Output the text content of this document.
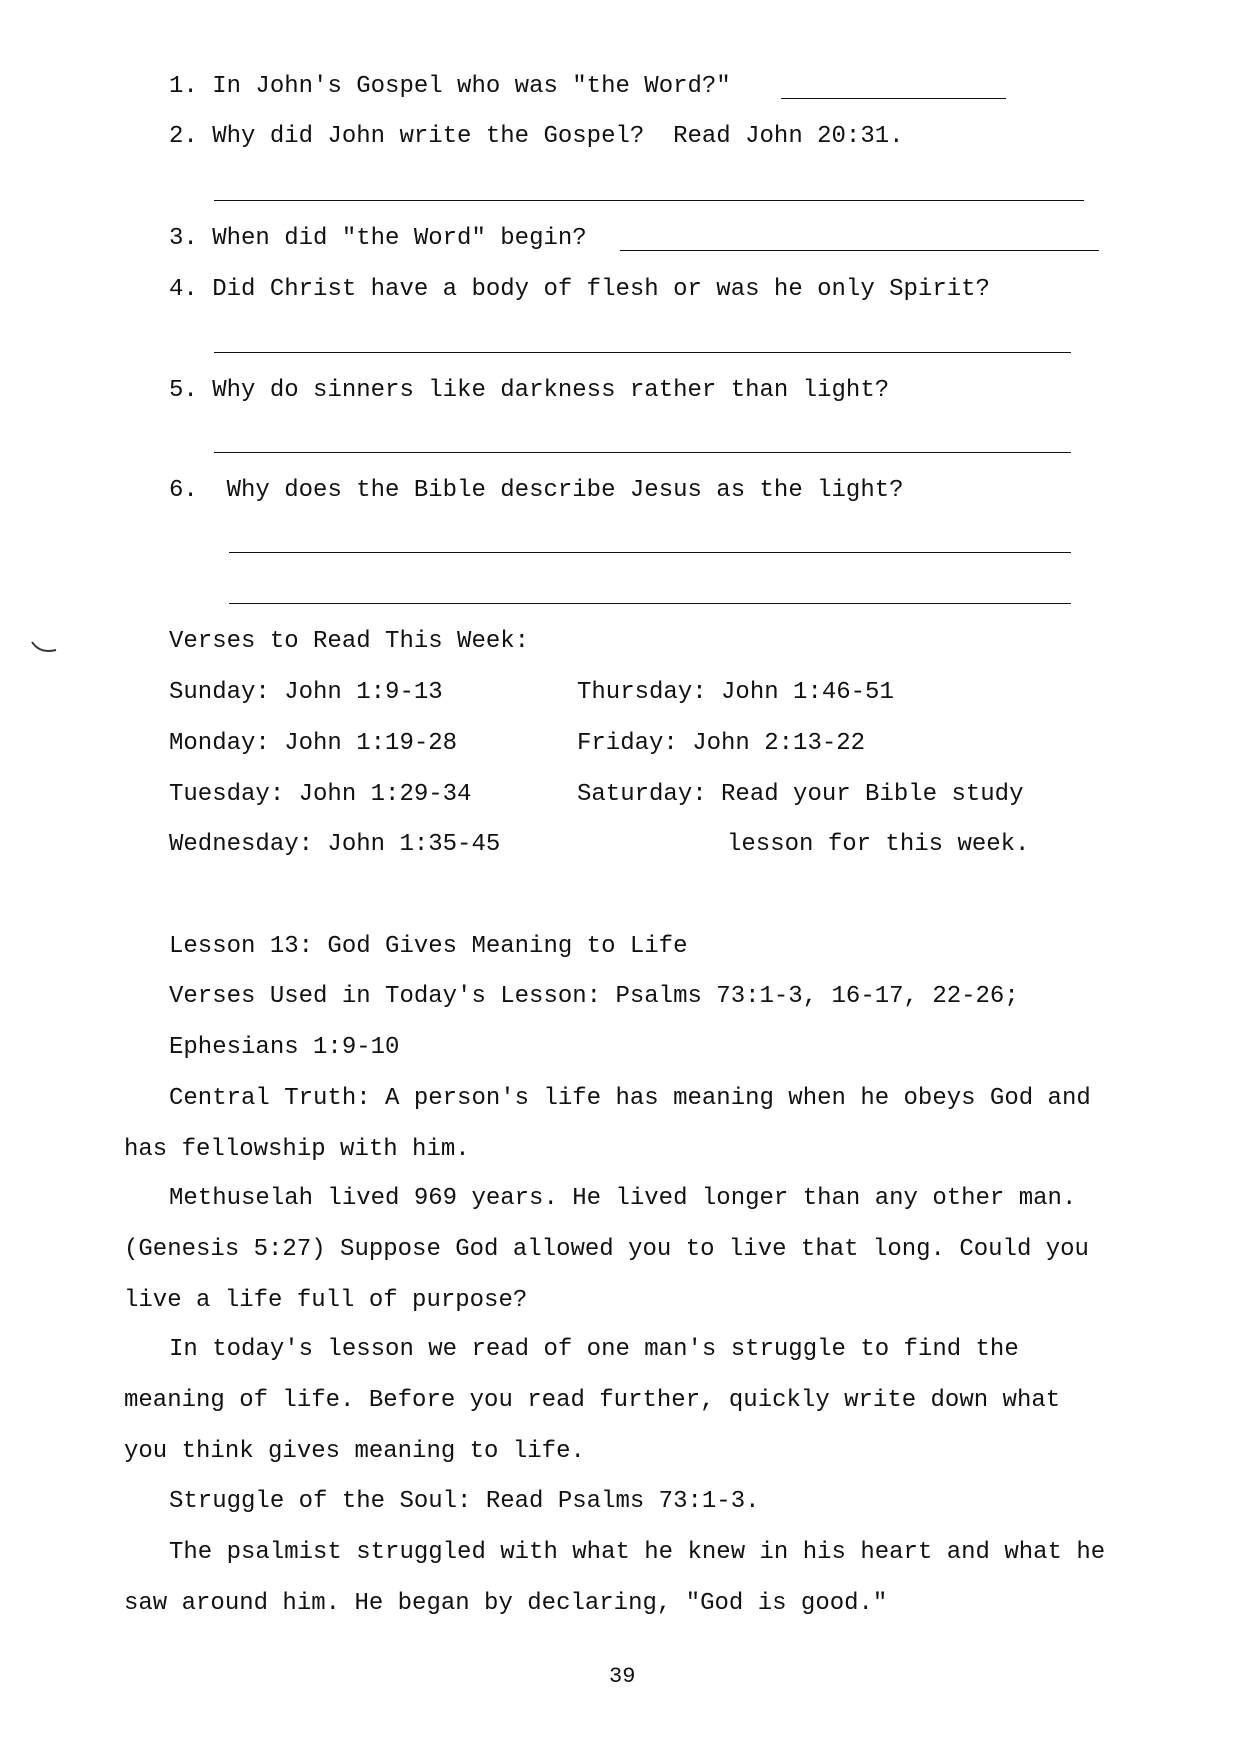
1. In John's Gospel who was "the Word?"
2. Why did John write the Gospel?  Read John 20:31.
3. When did "the Word" begin?
4. Did Christ have a body of flesh or was he only Spirit?
5. Why do sinners like darkness rather than light?
6. Why does the Bible describe Jesus as the light?
Verses to Read This Week:
Sunday: John 1:9-13
Monday: John 1:19-28
Tuesday: John 1:29-34
Wednesday: John 1:35-45
Thursday: John 1:46-51
Friday: John 2:13-22
Saturday: Read your Bible study
lesson for this week.
Lesson 13: God Gives Meaning to Life
Verses Used in Today's Lesson: Psalms 73:1-3, 16-17, 22-26;
Ephesians 1:9-10
Central Truth: A person's life has meaning when he obeys God and
has fellowship with him.
Methuselah lived 969 years. He lived longer than any other man.
(Genesis 5:27) Suppose God allowed you to live that long. Could you
live a life full of purpose?
In today's lesson we read of one man's struggle to find the
meaning of life. Before you read further, quickly write down what
you think gives meaning to life.
Struggle of the Soul: Read Psalms 73:1-3.
The psalmist struggled with what he knew in his heart and what he
saw around him. He began by declaring, "God is good."
39
